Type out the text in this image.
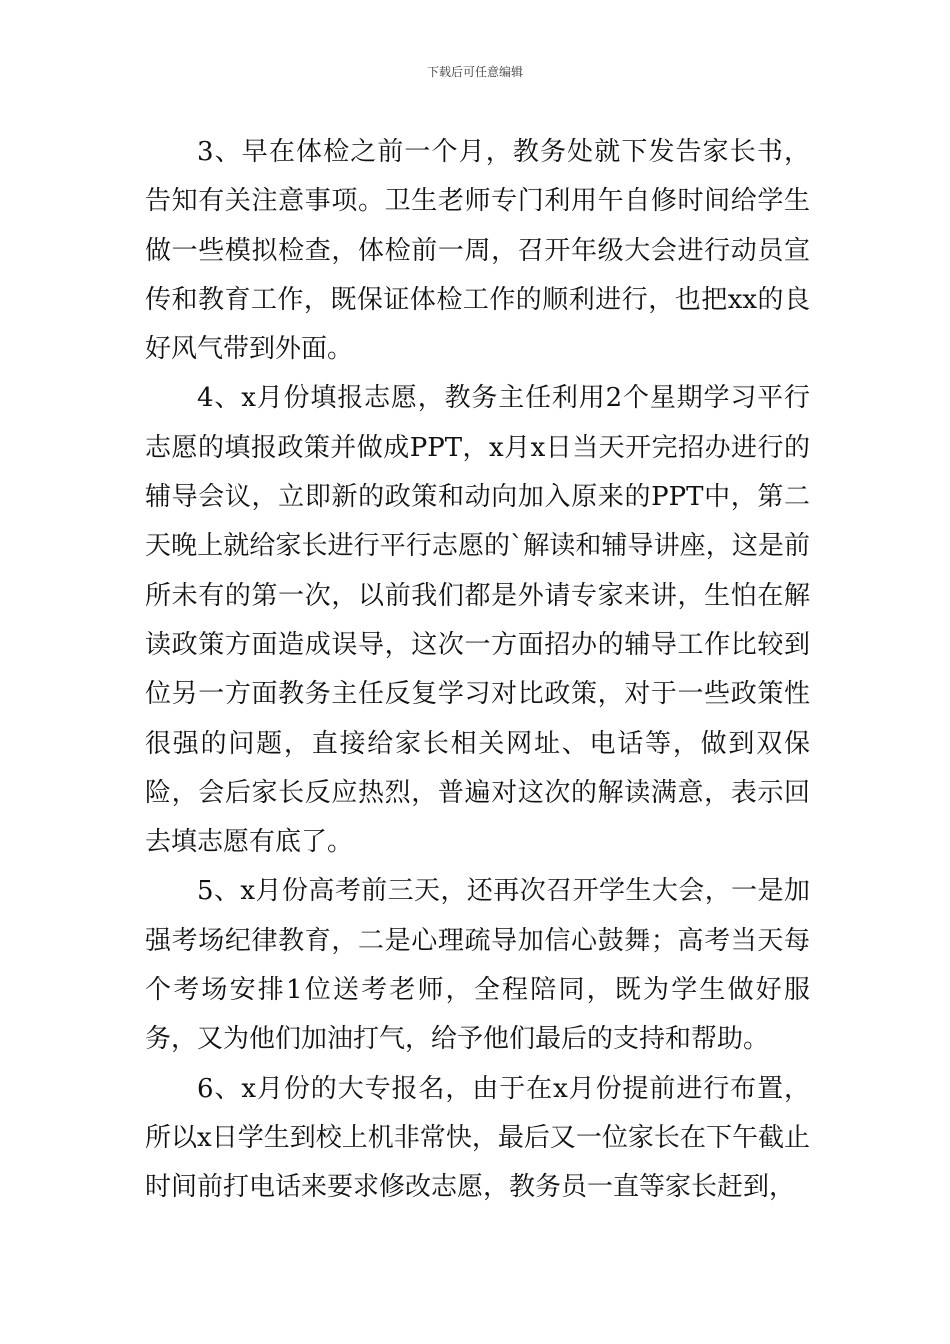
下载后可任意编辑

3、早在体检之前一个月，教务处就下发告家长书，告知有关注意事项。卫生老师专门利用午自修时间给学生做一些模拟检查，体检前一周，召开年级大会进行动员宣传和教育工作，既保证体检工作的顺利进行，也把xx的良好风气带到外面。

4、x月份填报志愿，教务主任利用2个星期学习平行志愿的填报政策并做成PPT，x月x日当天开完招办进行的辅导会议，立即新的政策和动向加入原来的PPT中，第二天晚上就给家长进行平行志愿的`解读和辅导讲座，这是前所未有的第一次，以前我们都是外请专家来讲，生怕在解读政策方面造成误导，这次一方面招办的辅导工作比较到位另一方面教务主任反复学习对比政策，对于一些政策性很强的问题，直接给家长相关网址、电话等，做到双保险，会后家长反应热烈，普遍对这次的解读满意，表示回去填志愿有底了。

5、x月份高考前三天，还再次召开学生大会，一是加强考场纪律教育，二是心理疏导加信心鼓舞；高考当天每个考场安排1位送考老师，全程陪同，既为学生做好服务，又为他们加油打气，给予他们最后的支持和帮助。

6、x月份的大专报名，由于在x月份提前进行布置，所以x日学生到校上机非常快，最后又一位家长在下午截止时间前打电话来要求修改志愿，教务员一直等家长赶到，
